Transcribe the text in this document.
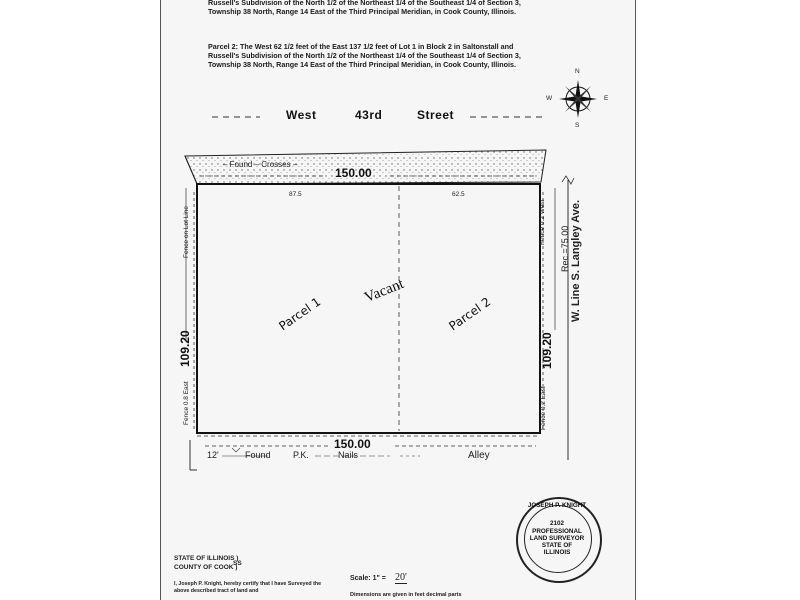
Russell's Subdivision of the North 1/2 of the Northeast 1/4 of the Southeast 1/4 of Section 3, Township 38 North, Range 14 East of the Third Principal Meridian, in Cook County, Illinois.
Parcel 2: The West 62 1/2 feet of the East 137 1/2 feet of Lot 1 in Block 2 in Saltonstall and Russell's Subdivision of the North 1/2 of the Northeast 1/4 of the Southeast 1/4 of Section 3, Township 38 North, Range 14 East of the Third Principal Meridian, in Cook County, Illinois.
N
S
E
W
West	43rd	Street
– Found – Crosses –
150.00
87.5	62.5
Fence on Lot Line
109.20
Fence 0.8 East
Fence 0.2 West
109.20
Fence 0.2 East
Rec.=75.00 W. Line S. Langley Ave.
Parcel 1	Parcel 2
Vacant
150.00
12'	Found P.K.	Nails	Alley
JOSEPH P. KNIGHT
2102
PROFESSIONAL
LAND SURVEYOR
STATE OF
ILLINOIS
STATE OF ILLINOIS )
COUNTY OF COOK )
SS
I, Joseph P. Knight, hereby certify that I have Surveyed the above described tract of land and
Scale: 1" = 20'
Dimensions are given in feet decimal parts
